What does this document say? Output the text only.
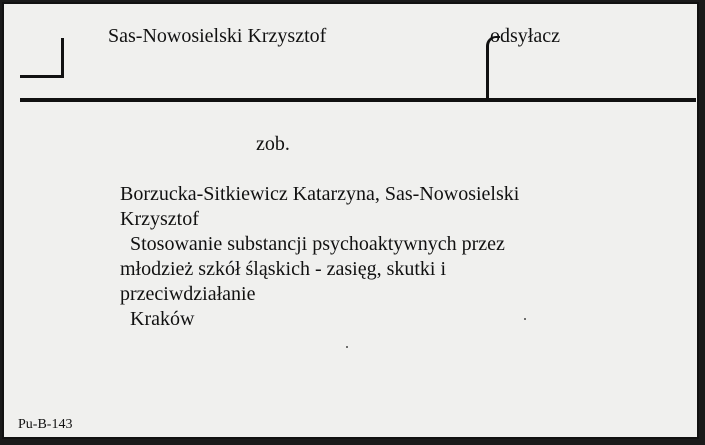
Sas-Nowosielski Krzysztof	odsyłacz
zob.
Borzucka-Sitkiewicz Katarzyna, Sas-Nowosielski
Krzysztof
Stosowanie substancji psychoaktywnych przez
młodzież szkół śląskich - zasięg, skutki i
przeciwdziałanie
Kraków
Pu-B-143
